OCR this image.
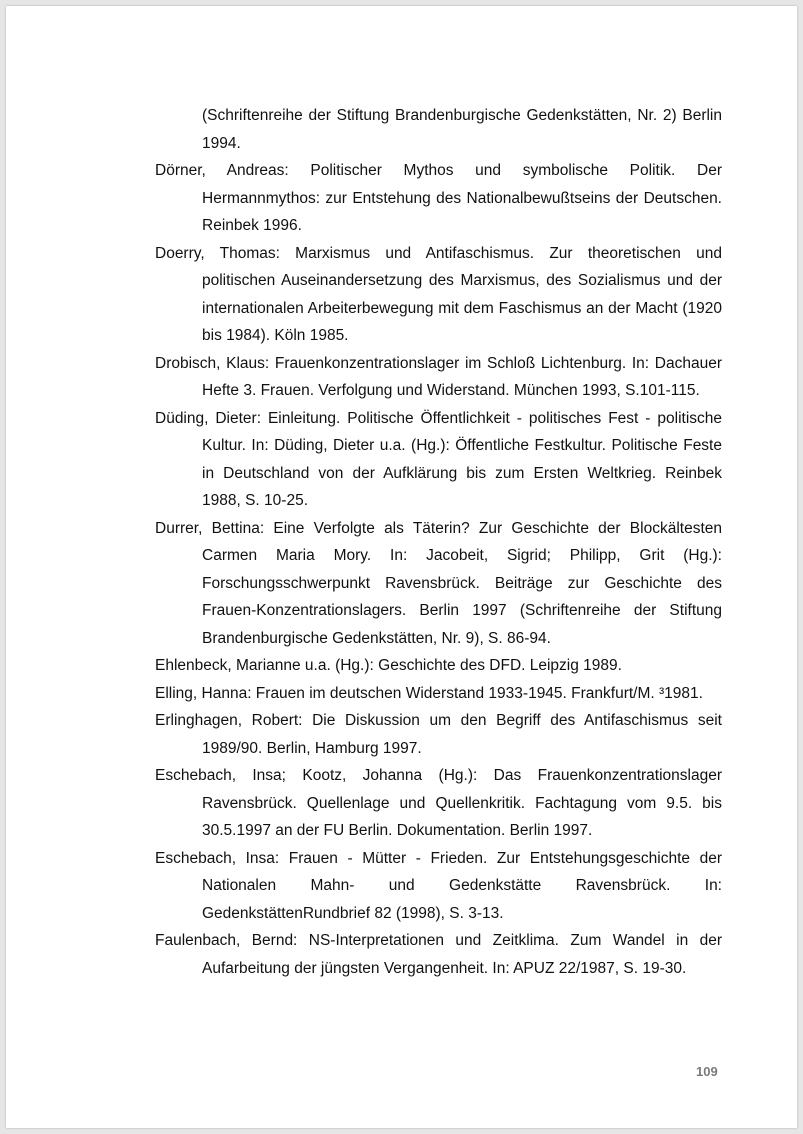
(Schriftenreihe der Stiftung Brandenburgische Gedenkstätten, Nr. 2) Berlin 1994.

Dörner, Andreas: Politischer Mythos und symbolische Politik. Der Hermannmythos: zur Entstehung des Nationalbewußtseins der Deutschen. Reinbek 1996.

Doerry, Thomas: Marxismus und Antifaschismus. Zur theoretischen und politischen Auseinandersetzung des Marxismus, des Sozialismus und der internationalen Arbeiterbewegung mit dem Faschismus an der Macht (1920 bis 1984). Köln 1985.

Drobisch, Klaus: Frauenkonzentrationslager im Schloß Lichtenburg. In: Dachauer Hefte 3. Frauen. Verfolgung und Widerstand. München 1993, S.101-115.

Düding, Dieter: Einleitung. Politische Öffentlichkeit - politisches Fest - politische Kultur. In: Düding, Dieter u.a. (Hg.): Öffentliche Festkultur. Politische Feste in Deutschland von der Aufklärung bis zum Ersten Weltkrieg. Reinbek 1988, S. 10-25.

Durrer, Bettina: Eine Verfolgte als Täterin? Zur Geschichte der Blockältesten Carmen Maria Mory. In: Jacobeit, Sigrid; Philipp, Grit (Hg.): Forschungsschwerpunkt Ravensbrück. Beiträge zur Geschichte des Frauen-Konzentrationslagers. Berlin 1997 (Schriftenreihe der Stiftung Brandenburgische Gedenkstätten, Nr. 9), S. 86-94.

Ehlenbeck, Marianne u.a. (Hg.): Geschichte des DFD. Leipzig 1989.

Elling, Hanna: Frauen im deutschen Widerstand 1933-1945. Frankfurt/M. ³1981.

Erlinghagen, Robert: Die Diskussion um den Begriff des Antifaschismus seit 1989/90. Berlin, Hamburg 1997.

Eschebach, Insa; Kootz, Johanna (Hg.): Das Frauenkonzentrationslager Ravensbrück. Quellenlage und Quellenkritik. Fachtagung vom 9.5. bis 30.5.1997 an der FU Berlin. Dokumentation. Berlin 1997.

Eschebach, Insa: Frauen - Mütter - Frieden. Zur Entstehungsgeschichte der Nationalen Mahn- und Gedenkstätte Ravensbrück. In: GedenkstättenRundbrief 82 (1998), S. 3-13.

Faulenbach, Bernd: NS-Interpretationen und Zeitklima. Zum Wandel in der Aufarbeitung der jüngsten Vergangenheit. In: APUZ 22/1987, S. 19-30.

109
